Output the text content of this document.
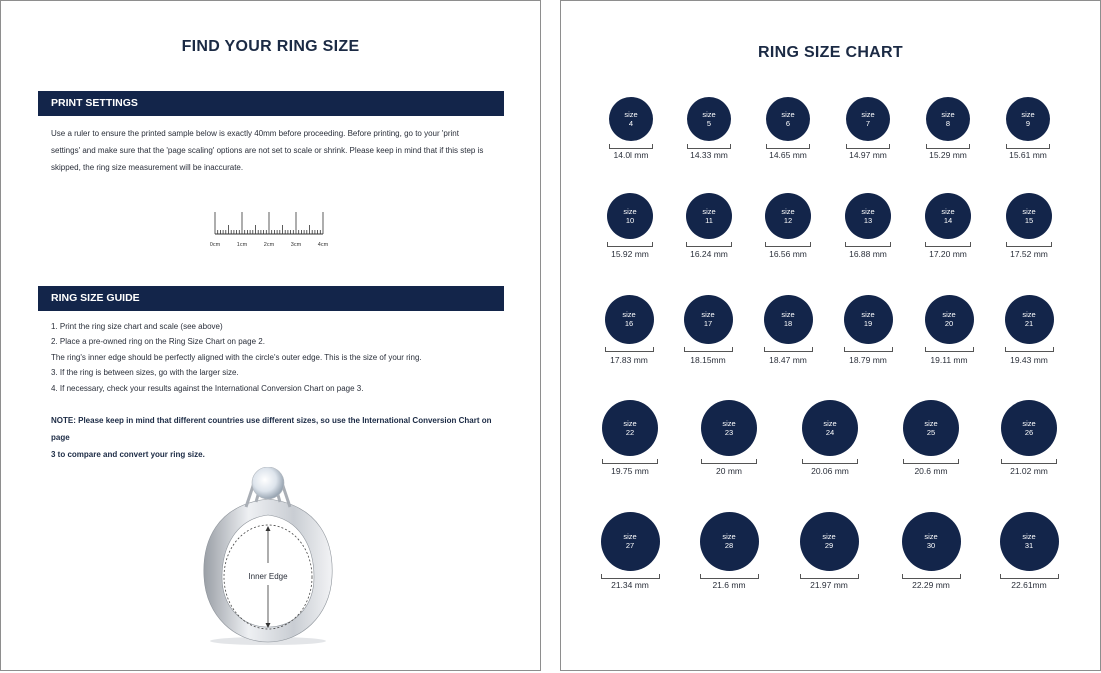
FIND YOUR RING SIZE
PRINT SETTINGS

Use a ruler to ensure the printed sample below is exactly 40mm before proceeding. Before printing, go to your 'print

settings' and make sure that the 'page scaling' options are not set to scale or shrink. Please keep in mind that if this step is

skipped, the ring size measurement will be inaccurate.

0cm	1cm	2cm	3cm	4cm
RING SIZE GUIDE

1. Print the ring size chart and scale (see above)

2. Place a pre-owned ring on the Ring Size Chart on page 2.

The ring's inner edge should be perfectly aligned with the circle's outer edge. This is the size of your ring.

3. If the ring is between sizes, go with the larger size.

4. If necessary, check your results against the International Conversion Chart on page 3.

NOTE: Please keep in mind that different countries use different sizes, so use the International Conversion Chart on page
3 to compare and convert your ring size.
Inner Edge
RING SIZE CHART
size
4
14.0l mm
size
5
14.33 mm
size
6
14.65 mm
size
7
14.97 mm
size
8
15.29 mm
size
9
15.61 mm
size
10
15.92 mm
size
11
16.24 mm
size
12
16.56 mm
size
13
16.88 mm
size
14
17.20 mm
size
15
17.52 mm
size
16
17.83 mm
size
17
18.15mm
size
18
18.47 mm
size
19
18.79 mm
size
20
19.11 mm
size
21
19.43 mm
size
22
19.75 mm
size
23
20 mm
size
24
20.06 mm
size
25
20.6 mm
size
26
21.02 mm
size
27
21.34 mm
size
28
21.6 mm
size
29
21.97 mm
size
30
22.29 mm
size
31
22.61mm
